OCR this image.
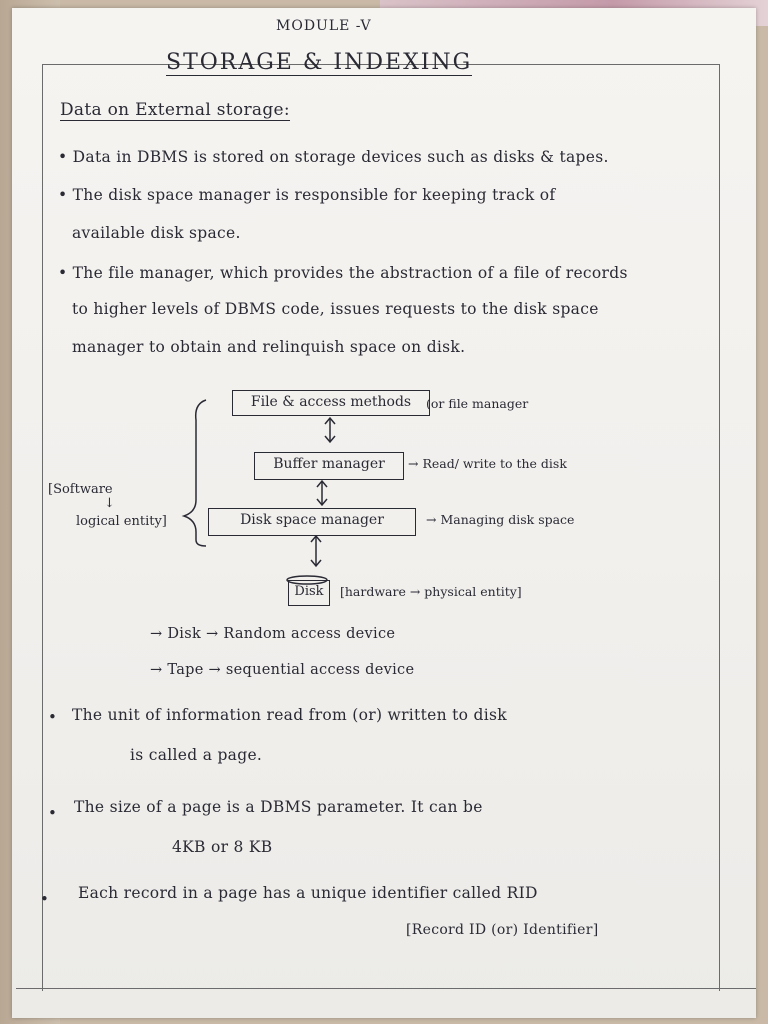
MODULE -V
STORAGE & INDEXING
Data on External storage:
• Data in DBMS is stored on storage devices such as disks & tapes.
• The disk space manager is responsible for keeping track of
available disk space.
• The file manager, which provides the abstraction of a file of records
to higher levels of DBMS code, issues requests to the disk space
manager to obtain and relinquish space on disk.
File & access methods	(or file manager
Buffer manager	→ Read/ write to the disk
Disk space manager	→ Managing disk space
Disk	[hardware → physical entity]
[Software
↓
logical entity]
→ Disk → Random access device
→ Tape → sequential access device
• The unit of information read from (or) written to disk
is called a page.
• The size of a page is a DBMS parameter. It can be
4KB or 8 KB
• Each record in a page has a unique identifier called RID
[Record ID (or) Identifier]
